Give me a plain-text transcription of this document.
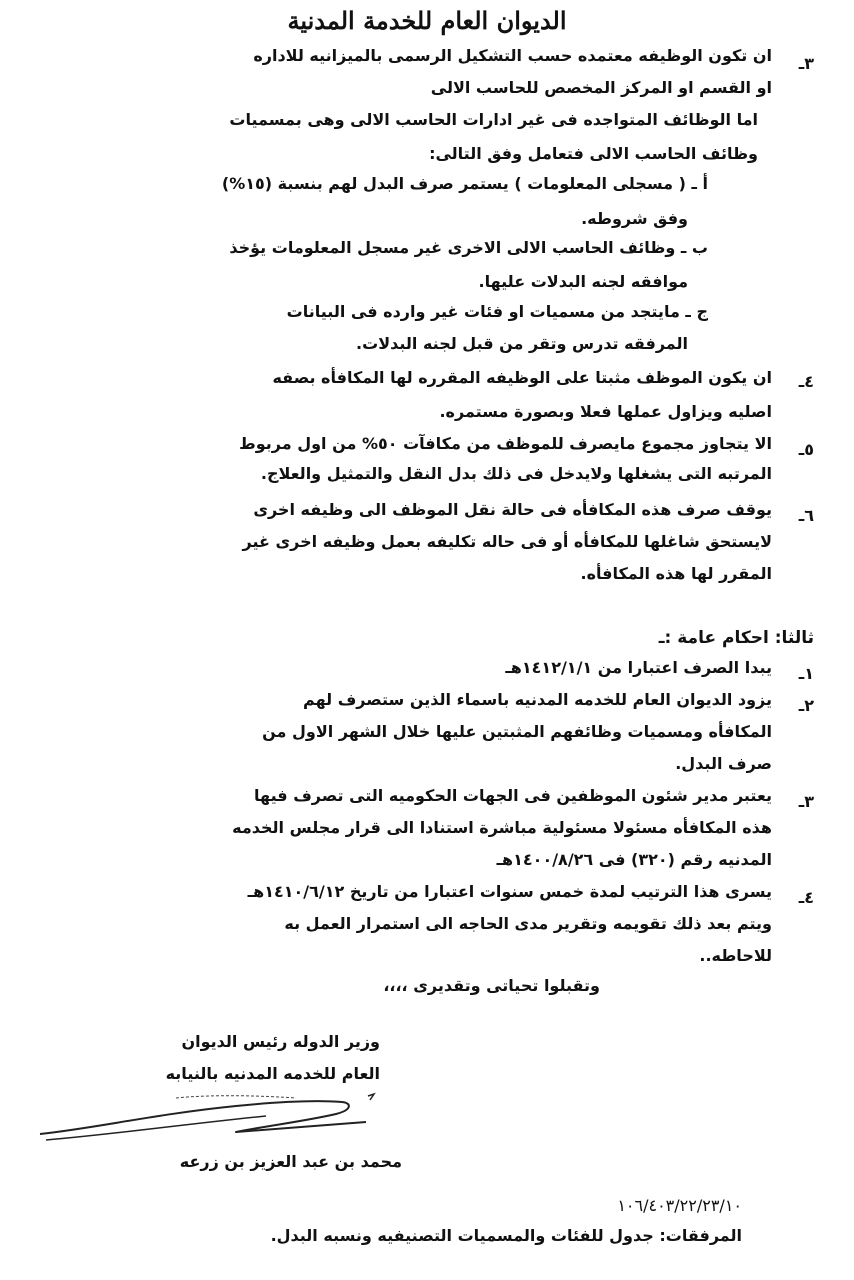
الديوان العام للخدمة المدنية
٣ـ
ان تكون الوظيفه معتمده حسب التشكيل الرسمى بالميزانيه للاداره
او القسم او المركز المخصص للحاسب الالى
اما الوظائف المتواجده فى غير ادارات الحاسب الالى وهى بمسميات
وظائف الحاسب الالى فتعامل وفق التالى:
أ ـ ( مسجلى المعلومات ) يستمر صرف البدل لهم بنسبة (١٥%)
وفق شروطه.
ب ـ وظائف الحاسب الالى الاخرى غير مسجل المعلومات يؤخذ
موافقه لجنه البدلات عليها.
ج ـ مايتجد من مسميات او فئات غير وارده فى البيانات
المرفقه تدرس وتقر من قبل لجنه البدلات.
٤ـ
ان يكون الموظف مثبتا على الوظيفه المقرره لها المكافأه بصفه
اصليه ويزاول عملها فعلا وبصورة مستمره.
٥ـ
الا يتجاوز مجموع مايصرف للموظف من مكافآت ٥٠% من اول مربوط
المرتبه التى يشغلها ولايدخل فى ذلك بدل النقل والتمثيل والعلاج.
٦ـ
يوقف صرف هذه المكافأه فى حالة نقل الموظف الى وظيفه اخرى
لايستحق شاغلها للمكافأه أو فى حاله تكليفه بعمل وظيفه اخرى غير
المقرر لها هذه المكافأه.
ثالثا: احكام عامة :ـ
١ـ
يبدا الصرف اعتبارا من ١٤١٢/١/١هـ
٢ـ
يزود الديوان العام للخدمه المدنيه باسماء الذين ستصرف لهم
المكافأه ومسميات وظائفهم المثبتين عليها خلال الشهر الاول من
صرف البدل.
٣ـ
يعتبر مدير شئون الموظفين فى الجهات الحكوميه التى تصرف فيها
هذه المكافأه مسئولا مسئولية مباشرة استنادا الى قرار مجلس الخدمه
المدنيه رقم (٣٢٠) فى ١٤٠٠/٨/٢٦هـ
٤ـ
يسرى هذا الترتيب لمدة خمس سنوات اعتبارا من تاريخ ١٤١٠/٦/١٢هـ
ويتم بعد ذلك تقويمه وتقرير مدى الحاجه الى استمرار العمل به
للاحاطه..
وتقبلوا تحياتى وتقديرى ،،،،
وزير الدوله رئيس الديوان
العام للخدمه المدنيه بالنيابه
محمد بن عبد العزيز بن زرعه
١٠٦/٤٠٣/٢٢/٢٣/١٠
المرفقات: جدول للفئات والمسميات التصنيفيه ونسبه البدل.
